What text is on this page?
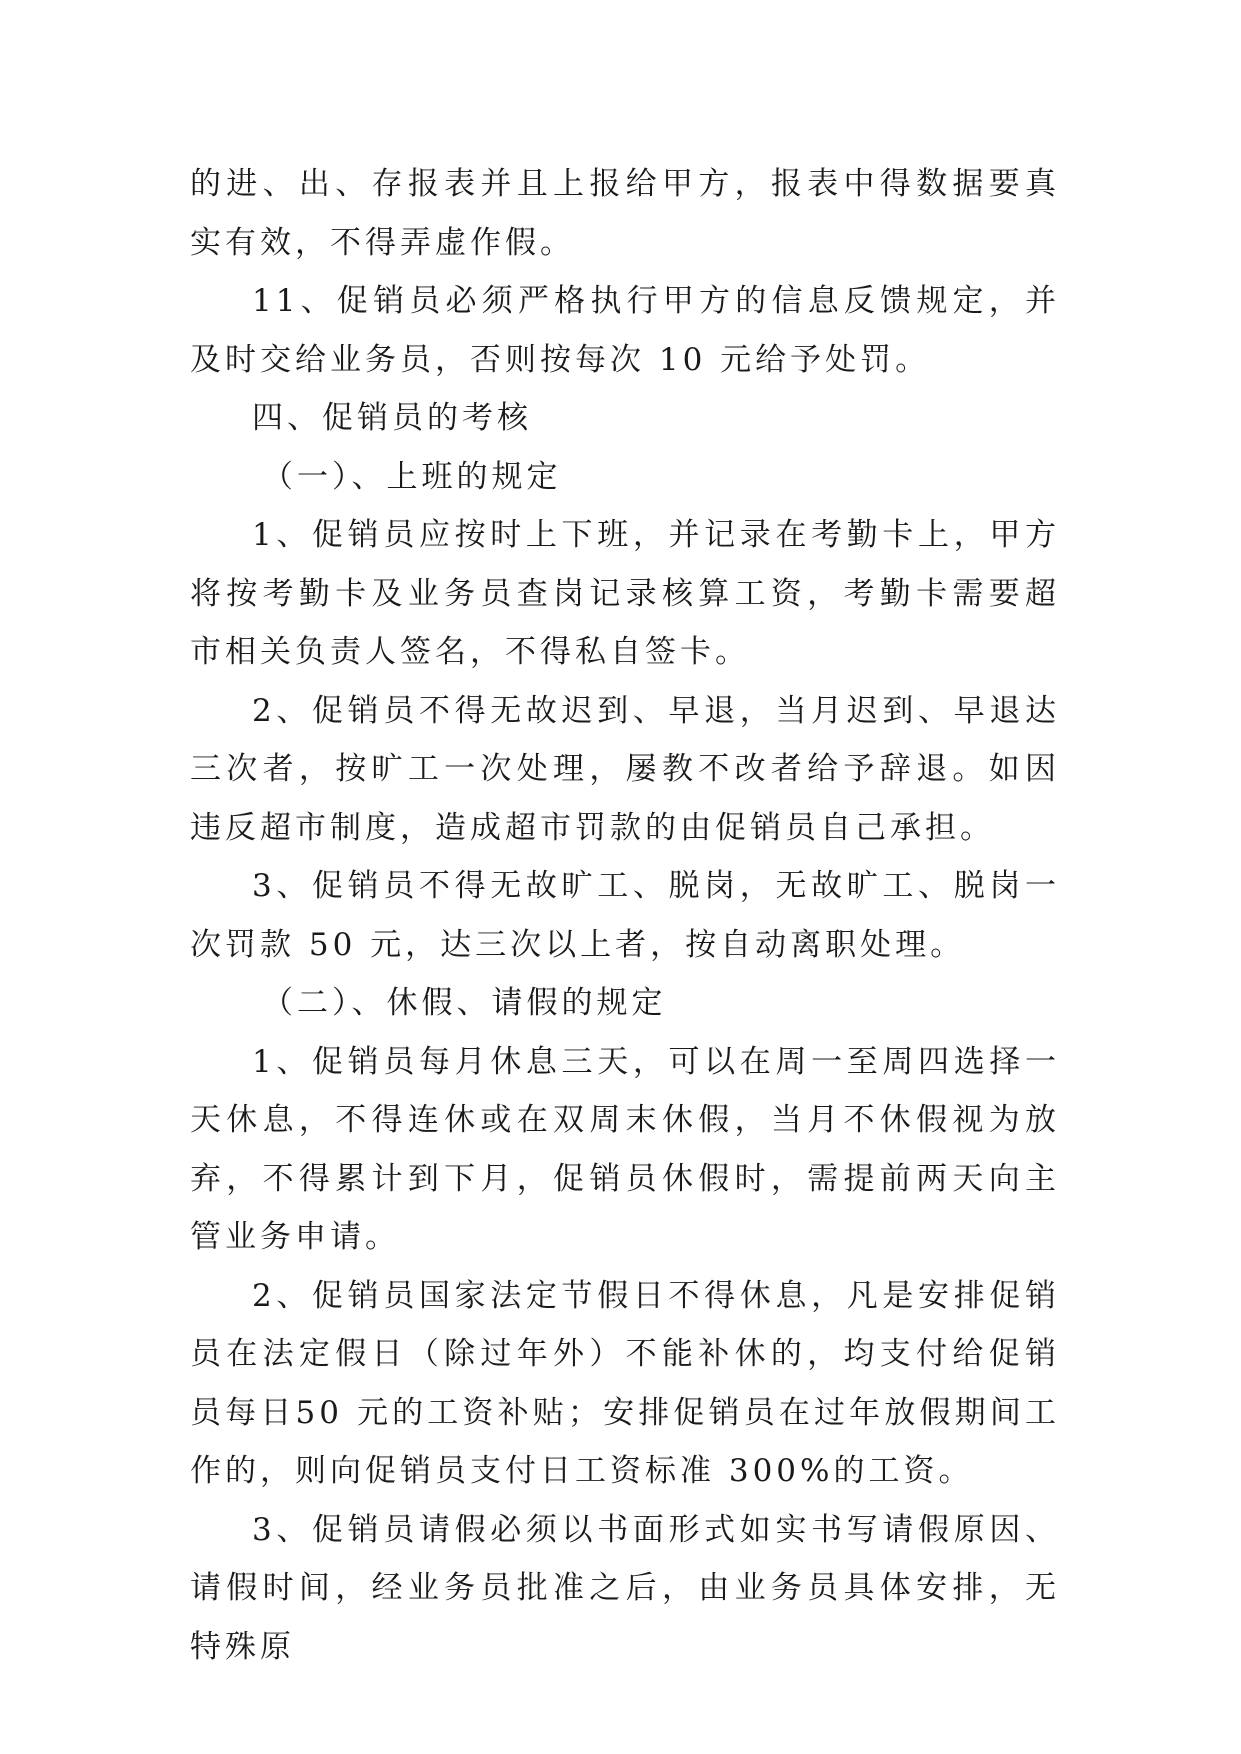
的进、出、存报表并且上报给甲方，报表中得数据要真实有效，不得弄虚作假。

11、促销员必须严格执行甲方的信息反馈规定，并及时交给业务员，否则按每次 10 元给予处罚。

四、促销员的考核

（一）、上班的规定

1、促销员应按时上下班，并记录在考勤卡上，甲方将按考勤卡及业务员查岗记录核算工资，考勤卡需要超市相关负责人签名，不得私自签卡。

2、促销员不得无故迟到、早退，当月迟到、早退达三次者，按旷工一次处理，屡教不改者给予辞退。如因违反超市制度，造成超市罚款的由促销员自己承担。

3、促销员不得无故旷工、脱岗，无故旷工、脱岗一次罚款 50 元，达三次以上者，按自动离职处理。

（二）、休假、请假的规定

1、促销员每月休息三天，可以在周一至周四选择一天休息，不得连休或在双周末休假，当月不休假视为放弃，不得累计到下月，促销员休假时，需提前两天向主管业务申请。

2、促销员国家法定节假日不得休息，凡是安排促销员在法定假日（除过年外）不能补休的，均支付给促销员每日50 元的工资补贴；安排促销员在过年放假期间工作的，则向促销员支付日工资标准 300%的工资。

3、促销员请假必须以书面形式如实书写请假原因、请假时间，经业务员批准之后，由业务员具体安排，无特殊原
